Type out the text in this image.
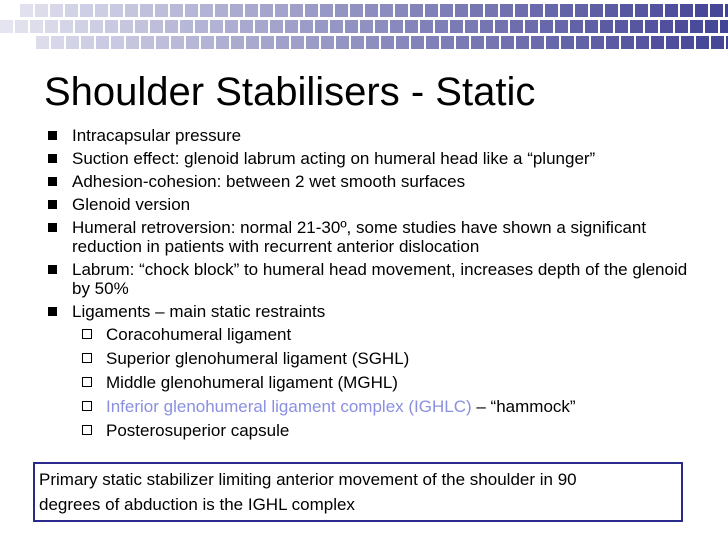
Shoulder Stabilisers - Static
Intracapsular pressure
Suction effect: glenoid labrum acting on humeral head like a “plunger”
Adhesion-cohesion: between 2 wet smooth surfaces
Glenoid version
Humeral retroversion: normal 21-30º, some studies have shown a significant reduction in patients with recurrent anterior dislocation
Labrum: “chock block” to humeral head movement, increases depth of the glenoid by 50%
Ligaments – main static restraints
Coracohumeral ligament
Superior glenohumeral ligament (SGHL)
Middle glenohumeral ligament (MGHL)
Inferior glenohumeral ligament complex (IGHLC) – “hammock”
Posterosuperior capsule
Primary static stabilizer limiting anterior movement of the shoulder in 90
degrees of abduction is the IGHL complex
